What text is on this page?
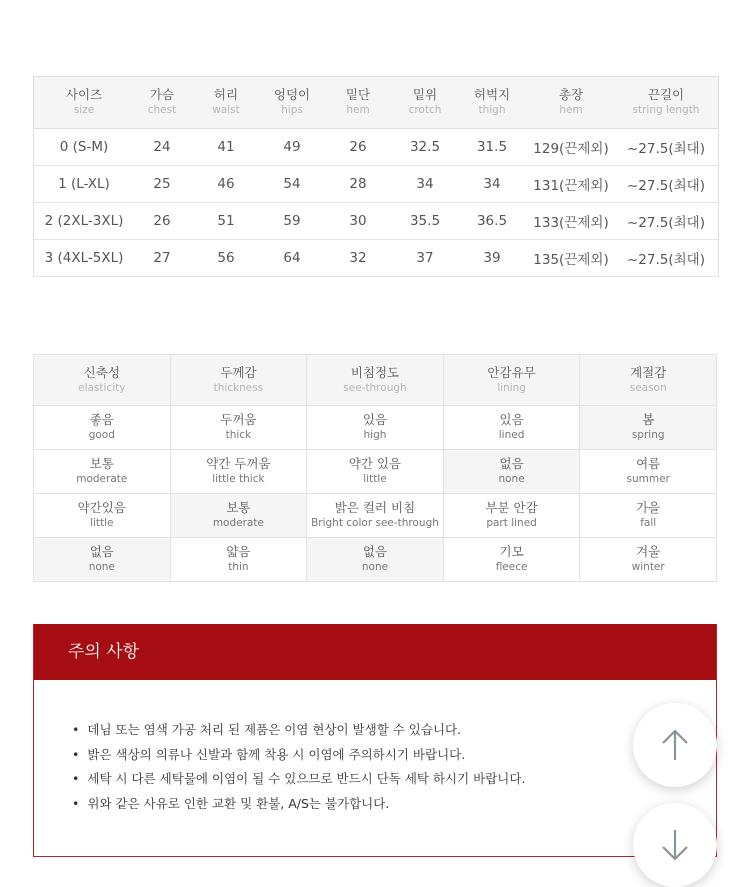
사이즈
size	가슴
chest	허리
waist	엉덩이
hips	밑단
hem	밑위
crotch	허벅지
thigh	총장
hem	끈길이
string length

0 (S-M)	24	41	49	26	32.5	31.5	129(끈제외)	~27.5(최대)
1 (L-XL)	25	46	54	28	34	34	131(끈제외)	~27.5(최대)
2 (2XL-3XL)	26	51	59	30	35.5	36.5	133(끈제외)	~27.5(최대)
3 (4XL-5XL)	27	56	64	32	37	39	135(끈제외)	~27.5(최대)
신축성
elasticity	두께감
thickness	비침정도
see-through	안감유무
lining	계절감
season

좋음
good	두꺼움
thick	있음
high	있음
lined	봄
spring

보통
moderate	약간 두꺼움
little thick	약간 있음
little	없음
none	여름
summer

약간있음
little	보통
moderate	밝은 컬러 비침
Bright color see-through	부분 안감
part lined	가을
fall

없음
none	얇음
thin	없음
none	기모
fleece	겨울
winter
주의 사항
• 데님 또는 염색 가공 처리 된 제품은 이염 현상이 발생할 수 있습니다.
• 밝은 색상의 의류나 신발과 함께 착용 시 이염에 주의하시기 바랍니다.
• 세탁 시 다른 세탁물에 이염이 될 수 있으므로 반드시 단독 세탁 하시기 바랍니다.
• 위와 같은 사유로 인한 교환 및 환불, A/S는 불가합니다.
